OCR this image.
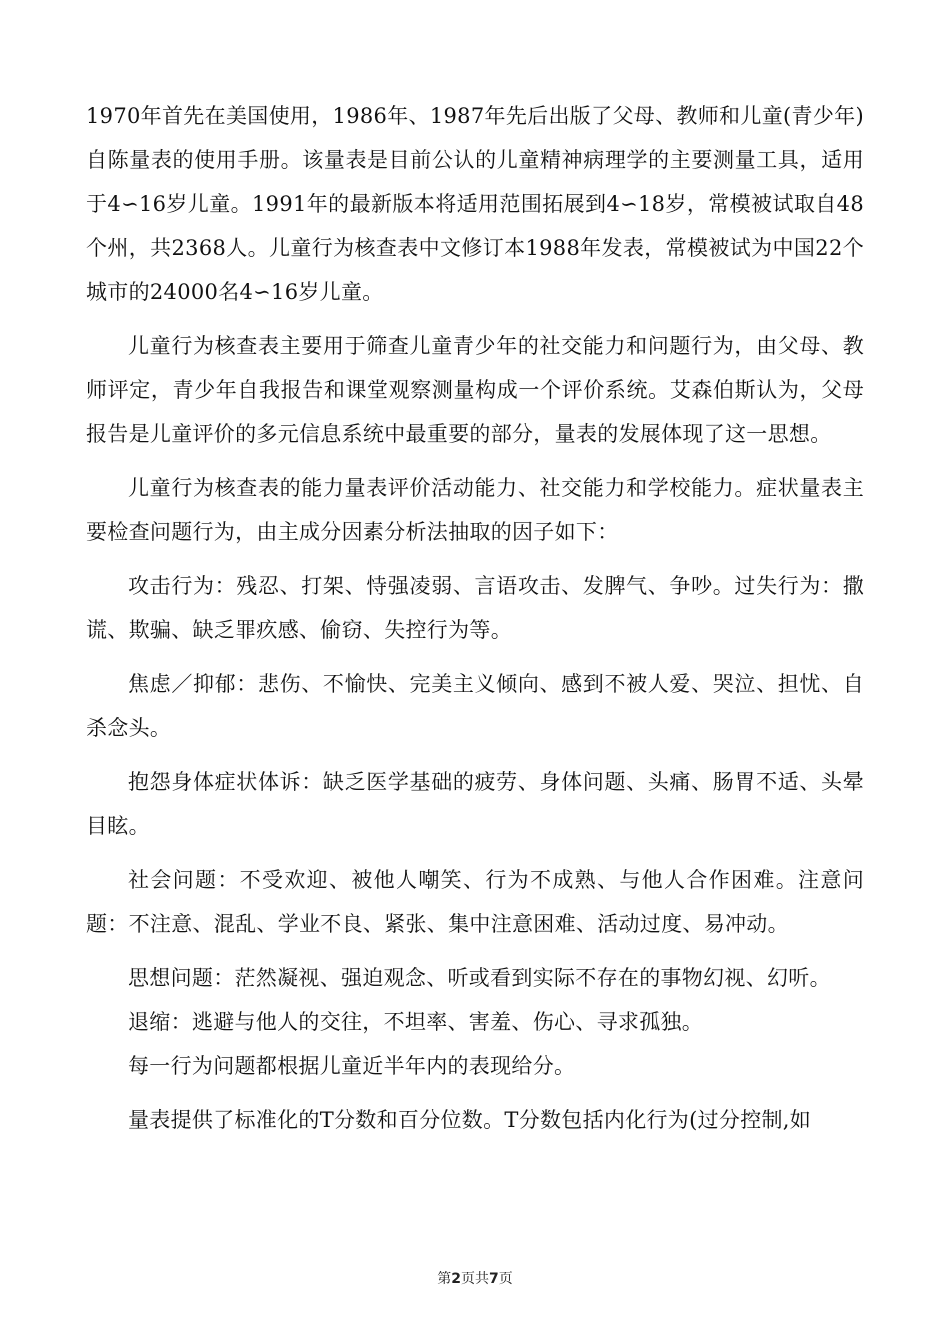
1970年首先在美国使用，1986年、1987年先后出版了父母、教师和儿童(青少年)自陈量表的使用手册。该量表是目前公认的儿童精神病理学的主要测量工具，适用于4∽16岁儿童。1991年的最新版本将适用范围拓展到4∽18岁，常模被试取自48个州，共2368人。儿童行为核查表中文修订本1988年发表，常模被试为中国22个城市的24000名4∽16岁儿童。

儿童行为核查表主要用于筛查儿童青少年的社交能力和问题行为，由父母、教师评定，青少年自我报告和课堂观察测量构成一个评价系统。艾森伯斯认为，父母报告是儿童评价的多元信息系统中最重要的部分，量表的发展体现了这一思想。

儿童行为核查表的能力量表评价活动能力、社交能力和学校能力。症状量表主要检查问题行为，由主成分因素分析法抽取的因子如下：

攻击行为：残忍、打架、恃强凌弱、言语攻击、发脾气、争吵。过失行为：撒谎、欺骗、缺乏罪疚感、偷窃、失控行为等。

焦虑／抑郁：悲伤、不愉快、完美主义倾向、感到不被人爱、哭泣、担忧、自杀念头。

抱怨身体症状体诉：缺乏医学基础的疲劳、身体问题、头痛、肠胃不适、头晕目眩。

社会问题：不受欢迎、被他人嘲笑、行为不成熟、与他人合作困难。注意问题：不注意、混乱、学业不良、紧张、集中注意困难、活动过度、易冲动。

思想问题：茫然凝视、强迫观念、听或看到实际不存在的事物幻视、幻听。

退缩：逃避与他人的交往，不坦率、害羞、伤心、寻求孤独。

每一行为问题都根据儿童近半年内的表现给分。

量表提供了标准化的T分数和百分位数。T分数包括内化行为(过分控制,如

第2页共7页
